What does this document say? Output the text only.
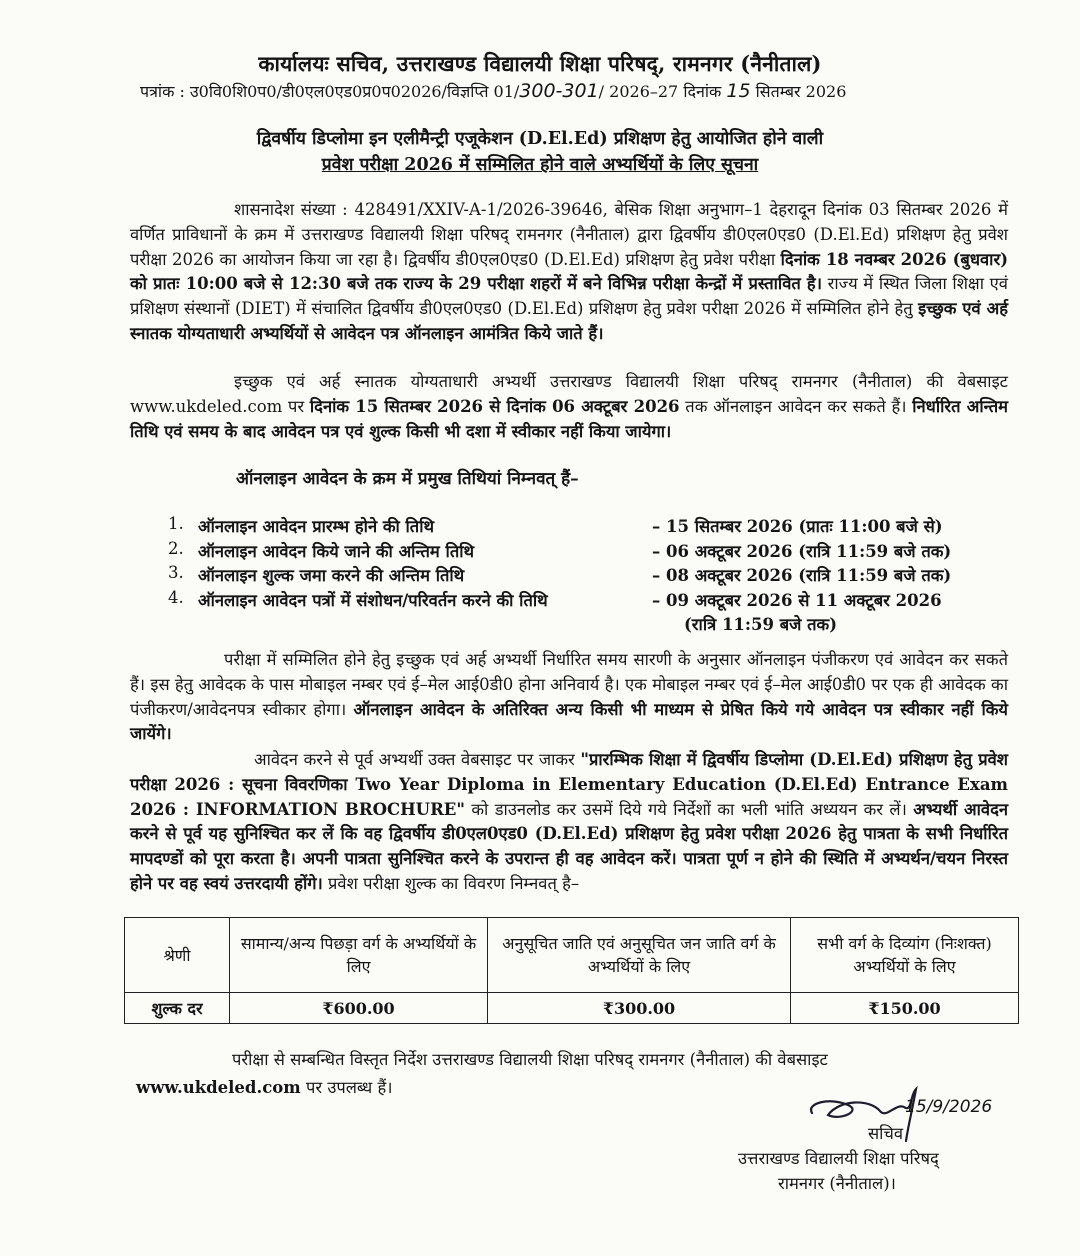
कार्यालयः सचिव, उत्तराखण्ड विद्यालयी शिक्षा परिषद्, रामनगर (नैनीताल)
पत्रांक : उ0वि0शि0प0/डी0एल0एड0प्र0प02026/विज्ञप्ति 01/300-301/ 2026–27 दिनांक 15 सितम्बर 2026
द्विवर्षीय डिप्लोमा इन एलीमैन्ट्री एजूकेशन (D.El.Ed) प्रशिक्षण हेतु आयोजित होने वाली
प्रवेश परीक्षा 2026 में सम्मिलित होने वाले अभ्यर्थियों के लिए सूचना
शासनादेश संख्या : 428491/XXIV-A-1/2026-39646, बेसिक शिक्षा अनुभाग–1 देहरादून दिनांक 03 सितम्बर 2026 में वर्णित प्राविधानों के क्रम में उत्तराखण्ड विद्यालयी शिक्षा परिषद् रामनगर (नैनीताल) द्वारा द्विवर्षीय डी0एल0एड0 (D.El.Ed) प्रशिक्षण हेतु प्रवेश परीक्षा 2026 का आयोजन किया जा रहा है। द्विवर्षीय डी0एल0एड0 (D.El.Ed) प्रशिक्षण हेतु प्रवेश परीक्षा दिनांक 18 नवम्बर 2026 (बुधवार) को प्रातः 10:00 बजे से 12:30 बजे तक राज्य के 29 परीक्षा शहरों में बने विभिन्न परीक्षा केन्द्रों में प्रस्तावित है। राज्य में स्थित जिला शिक्षा एवं प्रशिक्षण संस्थानों (DIET) में संचालित द्विवर्षीय डी0एल0एड0 (D.El.Ed) प्रशिक्षण हेतु प्रवेश परीक्षा 2026 में सम्मिलित होने हेतु इच्छुक एवं अर्ह स्नातक योग्यताधारी अभ्यर्थियों से आवेदन पत्र ऑनलाइन आमंत्रित किये जाते हैं।
इच्छुक एवं अर्ह स्नातक योग्यताधारी अभ्यर्थी उत्तराखण्ड विद्यालयी शिक्षा परिषद् रामनगर (नैनीताल) की वेबसाइट www.ukdeled.com पर दिनांक 15 सितम्बर 2026 से दिनांक 06 अक्टूबर 2026 तक ऑनलाइन आवेदन कर सकते हैं। निर्धारित अन्तिम तिथि एवं समय के बाद आवेदन पत्र एवं शुल्क किसी भी दशा में स्वीकार नहीं किया जायेगा।
ऑनलाइन आवेदन के क्रम में प्रमुख तिथियां निम्नवत् हैं–
1. ऑनलाइन आवेदन प्रारम्भ होने की तिथि	– 15 सितम्बर 2026 (प्रातः 11:00 बजे से)
2. ऑनलाइन आवेदन किये जाने की अन्तिम तिथि	– 06 अक्टूबर 2026 (रात्रि 11:59 बजे तक)
3. ऑनलाइन शुल्क जमा करने की अन्तिम तिथि	– 08 अक्टूबर 2026 (रात्रि 11:59 बजे तक)
4. ऑनलाइन आवेदन पत्रों में संशोधन/परिवर्तन करने की तिथि	– 09 अक्टूबर 2026 से 11 अक्टूबर 2026
(रात्रि 11:59 बजे तक)
परीक्षा में सम्मिलित होने हेतु इच्छुक एवं अर्ह अभ्यर्थी निर्धारित समय सारणी के अनुसार ऑनलाइन पंजीकरण एवं आवेदन कर सकते हैं। इस हेतु आवेदक के पास मोबाइल नम्बर एवं ई–मेल आई0डी0 होना अनिवार्य है। एक मोबाइल नम्बर एवं ई–मेल आई0डी0 पर एक ही आवेदक का पंजीकरण/आवेदनपत्र स्वीकार होगा। ऑनलाइन आवेदन के अतिरिक्त अन्य किसी भी माध्यम से प्रेषित किये गये आवेदन पत्र स्वीकार नहीं किये जायेंगे।
आवेदन करने से पूर्व अभ्यर्थी उक्त वेबसाइट पर जाकर "प्रारम्भिक शिक्षा में द्विवर्षीय डिप्लोमा (D.El.Ed) प्रशिक्षण हेतु प्रवेश परीक्षा 2026 : सूचना विवरणिका Two Year Diploma in Elementary Education (D.El.Ed) Entrance Exam 2026 : INFORMATION BROCHURE" को डाउनलोड कर उसमें दिये गये निर्देशों का भली भांति अध्ययन कर लें। अभ्यर्थी आवेदन करने से पूर्व यह सुनिश्चित कर लें कि वह द्विवर्षीय डी0एल0एड0 (D.El.Ed) प्रशिक्षण हेतु प्रवेश परीक्षा 2026 हेतु पात्रता के सभी निर्धारित मापदण्डों को पूरा करता है। अपनी पात्रता सुनिश्चित करने के उपरान्त ही वह आवेदन करें। पात्रता पूर्ण न होने की स्थिति में अभ्यर्थन/चयन निरस्त होने पर वह स्वयं उत्तरदायी होंगे। प्रवेश परीक्षा शुल्क का विवरण निम्नवत् है–
श्रेणी	सामान्य/अन्य पिछड़ा वर्ग के अभ्यर्थियों के लिए	अनुसूचित जाति एवं अनुसूचित जन जाति वर्ग के अभ्यर्थियों के लिए	सभी वर्ग के दिव्यांग (निःशक्त) अभ्यर्थियों के लिए
शुल्क दर	₹600.00	₹300.00	₹150.00
परीक्षा से सम्बन्धित विस्तृत निर्देश उत्तराखण्ड विद्यालयी शिक्षा परिषद् रामनगर (नैनीताल) की वेबसाइट
www.ukdeled.com पर उपलब्ध हैं।
15/9/2026
सचिव
उत्तराखण्ड विद्यालयी शिक्षा परिषद्
रामनगर (नैनीताल)।
